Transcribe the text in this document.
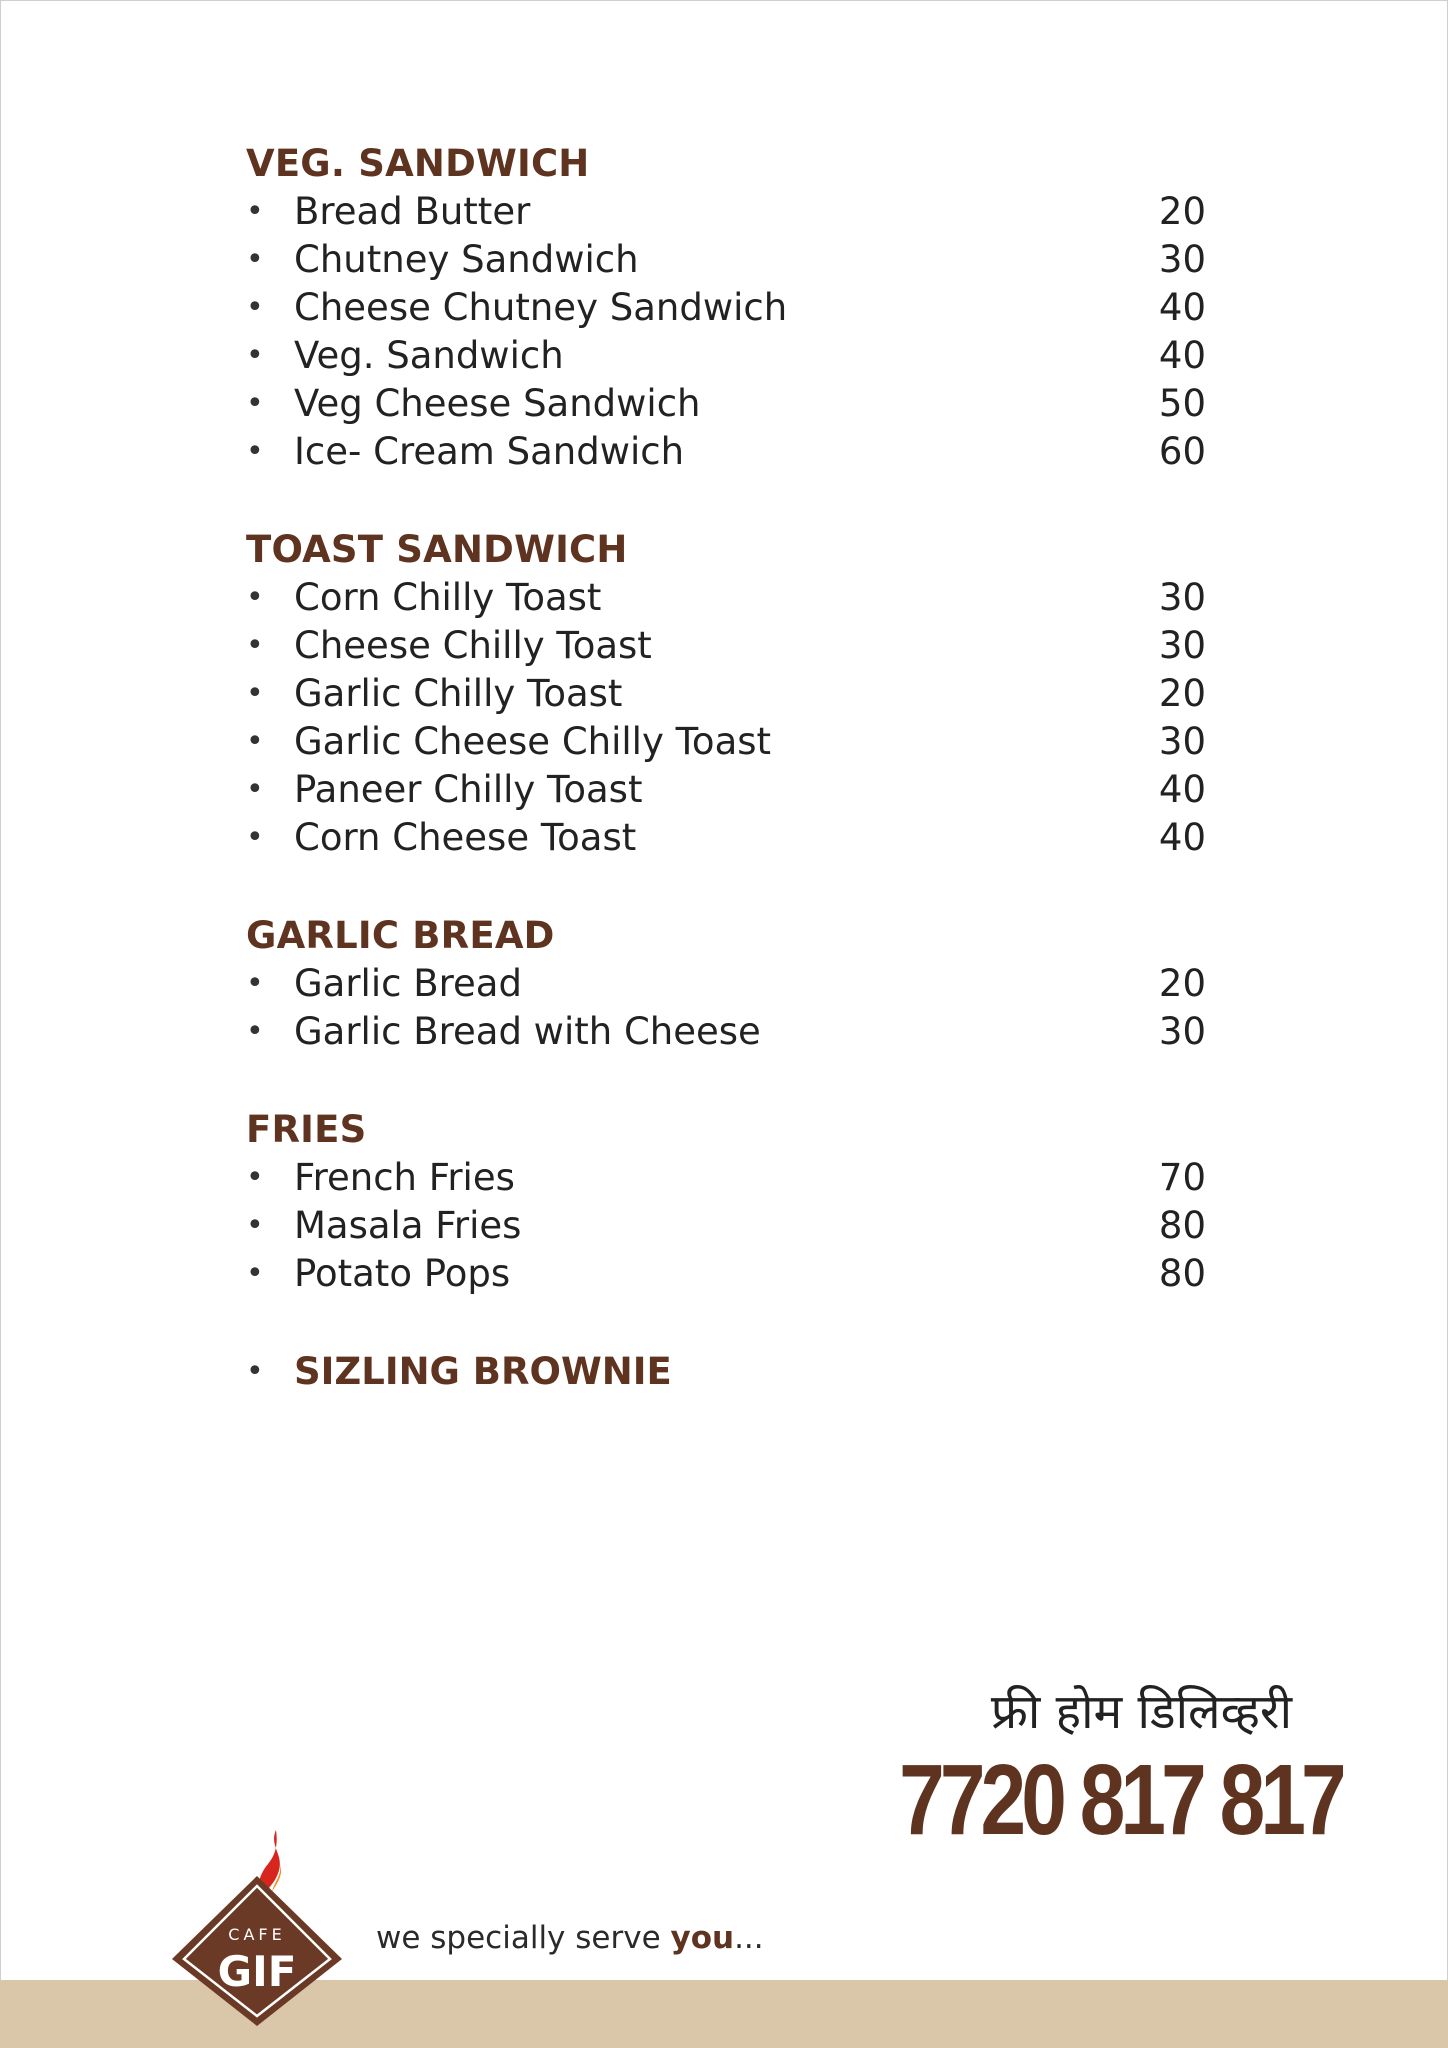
VEG. SANDWICH
• Bread Butter	20
• Chutney Sandwich	30
• Cheese Chutney Sandwich	40
• Veg. Sandwich	40
• Veg Cheese Sandwich	50
• Ice- Cream Sandwich	60
TOAST SANDWICH
• Corn Chilly Toast	30
• Cheese Chilly Toast	30
• Garlic Chilly Toast	20
• Garlic Cheese Chilly Toast	30
• Paneer Chilly Toast	40
• Corn Cheese Toast	40
GARLIC BREAD
• Garlic Bread	20
• Garlic Bread with Cheese	30
FRIES
• French Fries	70
• Masala Fries	80
• Potato Pops	80
• SIZLING BROWNIE
फ्री होम डिलिव्हरी
7720 817 817
CAFE
GIF
we specially serve you...
